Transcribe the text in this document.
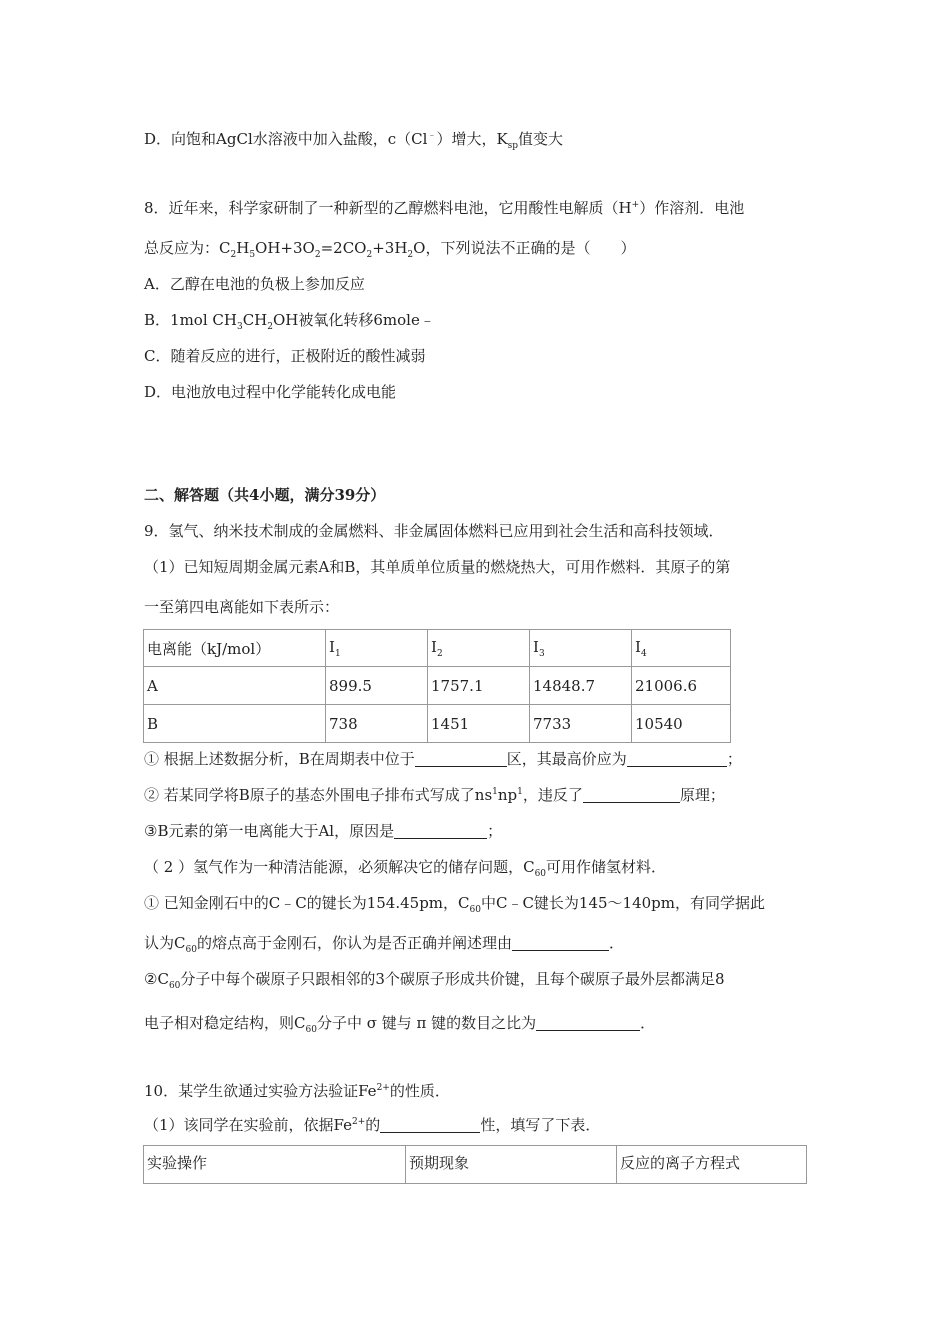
D．向饱和AgCl水溶液中加入盐酸，c（Cl﹣）增大，$K_{sp}$值变大
8．近年来，科学家研制了一种新型的乙醇燃料电池，它用酸性电解质（H+）作溶剂．电池
总反应为：$C_2H_5OH+3O_2=2CO_2+3H_2O$，下列说法不正确的是（　　）
A．乙醇在电池的负极上参加反应
B．1mol $CH_3CH_2OH$被氧化转移6mole﹣
C．随着反应的进行，正极附近的酸性减弱
D．电池放电过程中化学能转化成电能
二、解答题（共4小题，满分39分）
9．氢气、纳米技术制成的金属燃料、非金属固体燃料已应用到社会生活和高科技领域．
（1）已知短周期金属元素A和B，其单质单位质量的燃烧热大，可用作燃料．其原子的第
一至第四电离能如下表所示：
电离能（kJ/mol）	$I_1$	$I_2$	$I_3$	$I_4$
A	899.5	1757.1	14848.7	21006.6
B	738	1451	7733	10540
① 根据上述数据分析，B在周期表中位于	区，其最高价应为	；
② 若某同学将B原子的基态外围电子排布式写成了$ns^1np^1$，违反了	原理；
③B元素的第一电离能大于Al，原因是	；
（ 2 ）氢气作为一种清洁能源，必须解决它的储存问题，$C_{60}$可用作储氢材料．
① 已知金刚石中的C﹣C的键长为154.45pm，$C_{60}$中C﹣C键长为145～140pm，有同学据此
认为$C_{60}$的熔点高于金刚石，你认为是否正确并阐述理由	．
$②C_{60}$分子中每个碳原子只跟相邻的3个碳原子形成共价键，且每个碳原子最外层都满足8
电子相对稳定结构，则$C_{60}$分子中 σ 键与 π 键的数目之比为	．
10．某学生欲通过实验方法验证$Fe^{2+}$的性质．
（1）该同学在实验前，依据$Fe^{2+}$的	性，填写了下表．
实验操作	预期现象	反应的离子方程式
